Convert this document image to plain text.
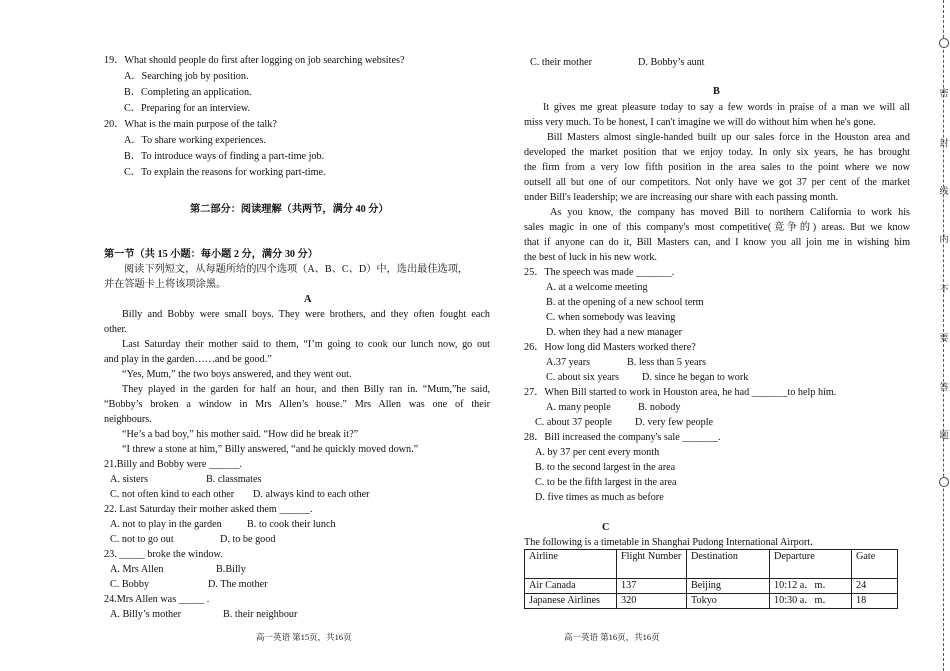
19．What should people do first after logging on job searching websites?
A．Searching job by position.
B．Completing an application.
C．Preparing for an interview.
20．What is the main purpose of the talk?
A．To share working experiences.
B．To introduce ways of finding a part-time job.
C．To explain the reasons for working part-time.
第二部分：阅读理解（共两节，满分 40 分）
第一节（共 15 小题：每小题 2 分，满分 30 分）
阅读下列短文，从每题所给的四个选项（A、B、C、D）中，选出最佳选项，
并在答题卡上将该项涂黑。
A
Billy and Bobby were small boys. They were brothers, and they often fought each
other.
Last Saturday their mother said to them, “I’m going to cook our lunch now, go out
and play in the garden……and be good.”
“Yes, Mum,” the two boys answered, and they went out.
They played in the garden for half an hour, and then Billy ran in. “Mum,”he said,
“Bobby’s broken a window in Mrs Allen’s house.” Mrs Allen was one of their
neighbours.
“He’s a bad boy,” his mother said. “How did he break it?”
“I threw a stone at him,” Billy answered, “and he quickly moved down.”
21.Billy and Bobby were ______.
A. sisters	B. classmates
C. not often kind to each other D. always kind to each other
22. Last Saturday their mother asked them ______.
A. not to play in the garden B. to cook their lunch
C. not to go out	D. to be good
23. _____ broke the window.
A. Mrs Allen	B.Billy
C. Bobby	D. The mother
24.Mrs Allen was _____ .
A. Billy’s mother	B. their neighbour
高一英语 第15页，共16页
C. their mother	D. Bobby’s aunt
B
It gives me great pleasure today to say a few words in praise of a man we will all
miss very much. To be honest, I can't imagine we will do without him when he's gone.
Bill Masters almost single-handed built up our sales force in the Houston area and
developed the market position that we enjoy today. In only six years, he has brought
the firm from a very low fifth position in the area sales to the point where we now
outsell all but one of our competitors. Not only have we got 37 per cent of the market
under Bill's leadership; we are increasing our share with each passing month.
As you know, the company has moved Bill to northern California to work his
sales magic in one of this company's most competitive(竞争的) areas. But we know
that if anyone can do it, Bill Masters can, and I know you all join me in wishing him
the best of luck in his new work.
25．The speech was made _______.
A. at a welcome meeting
B. at the opening of a new school term
C. when somebody was leaving
D. when they had a new manager
26．How long did Masters worked there?
A.37 years	B. less than 5 years
C. about six years D. since he began to work
27．When Bill started to work in Houston area, he had _______to help him.
A. many people	B. nobody
C. about 37 people D. very few people
28．Bill increased the company's sale _______.
A. by 37 per cent every month
B. to the second largest in the area
C. to be the fifth largest in the area
D. five times as much as before
C
The following is a timetable in Shanghai Pudong International Airport．
Airline	Flight Number	Destination	Departure	Gate
Air Canada	137	Beijing	10:12 a．m．	24
Japanese Airlines	320	Tokyo	10:30 a．m．	18
高一英语 第16页，共16页
密
封
线
内
不
要
答
题
